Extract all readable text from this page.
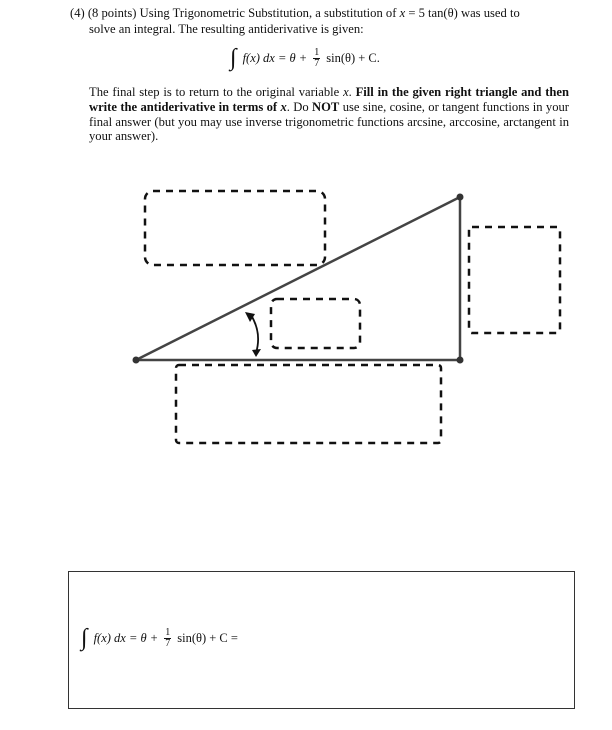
(4) (8 points) Using Trigonometric Substitution, a substitution of x = 5 tan(θ) was used to
solve an integral. The resulting antiderivative is given:
∫ f(x) dx = $\theta + \frac{1}{7} \sin(\theta) + C$.
The final step is to return to the original variable x. Fill in the given right triangle and then write the antiderivative in terms of x. Do NOT use sine, cosine, or tangent functions in your final answer (but you may use inverse trigonometric functions arcsine, arccosine, arctangent in your answer).
∫ f(x) dx = $\theta + \frac{1}{7} \sin(\theta) + C$ =
